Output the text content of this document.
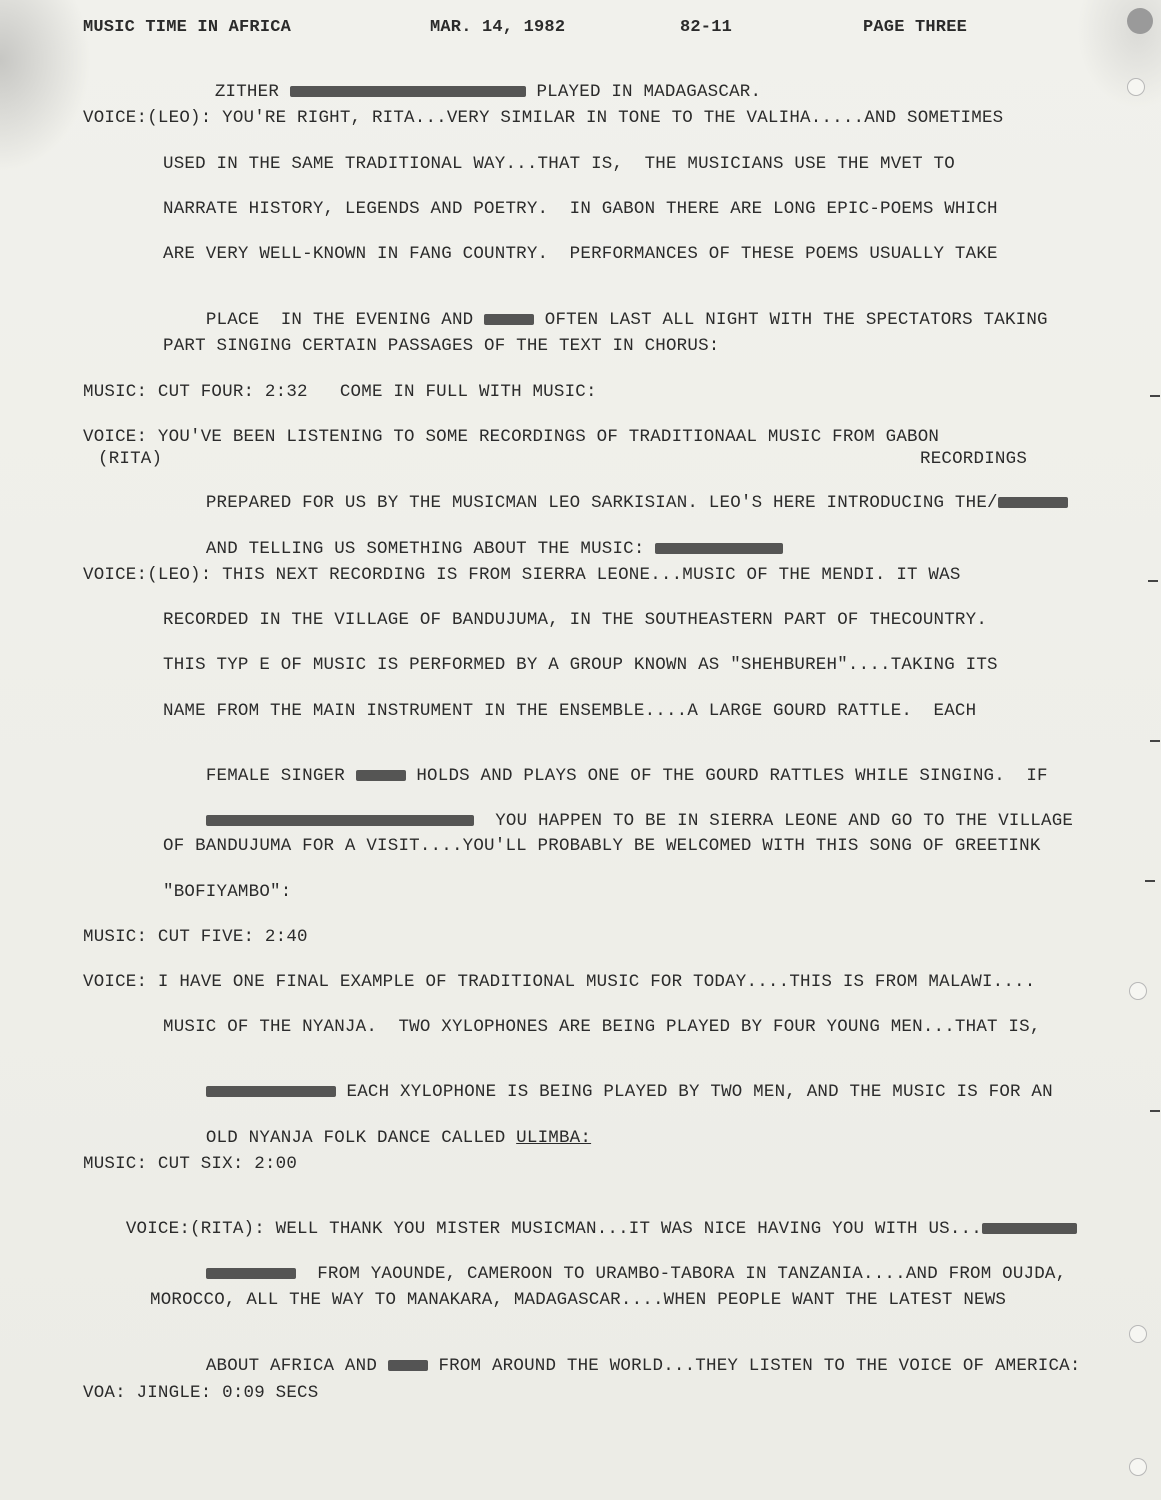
MUSIC TIME IN AFRICA	MAR. 14, 1982	82-11	PAGE THREE

ZITHER	PLAYED IN MADAGASCAR.

VOICE:(LEO): YOU'RE RIGHT, RITA...VERY SIMILAR IN TONE TO THE VALIHA.....AND SOMETIMES
USED IN THE SAME TRADITIONAL WAY...THAT IS,  THE MUSICIANS USE THE MVET TO
NARRATE HISTORY, LEGENDS AND POETRY.  IN GABON THERE ARE LONG EPIC-POEMS WHICH
ARE VERY WELL-KNOWN IN FANG COUNTRY.  PERFORMANCES OF THESE POEMS USUALLY TAKE

PLACE  IN THE EVENING AND	OFTEN LAST ALL NIGHT WITH THE SPECTATORS TAKING

PART SINGING CERTAIN PASSAGES OF THE TEXT IN CHORUS:
MUSIC: CUT FOUR: 2:32   COME IN FULL WITH MUSIC:
VOICE: YOU'VE BEEN LISTENING TO SOME RECORDINGS OF TRADITIONAAL MUSIC FROM GABON
(RITA)	RECORDINGS

PREPARED FOR US BY THE MUSICMAN LEO SARKISIAN. LEO'S HERE INTRODUCING THE/

AND TELLING US SOMETHING ABOUT THE MUSIC:

VOICE:(LEO): THIS NEXT RECORDING IS FROM SIERRA LEONE...MUSIC OF THE MENDI. IT WAS
RECORDED IN THE VILLAGE OF BANDUJUMA, IN THE SOUTHEASTERN PART OF THECOUNTRY.
THIS TYP E OF MUSIC IS PERFORMED BY A GROUP KNOWN AS "SHEHBUREH"....TAKING ITS
NAME FROM THE MAIN INSTRUMENT IN THE ENSEMBLE....A LARGE GOURD RATTLE.  EACH

FEMALE SINGER	HOLDS AND PLAYS ONE OF THE GOURD RATTLES WHILE SINGING.  IF

YOU HAPPEN TO BE IN SIERRA LEONE AND GO TO THE VILLAGE

OF BANDUJUMA FOR A VISIT....YOU'LL PROBABLY BE WELCOMED WITH THIS SONG OF GREETINK
"BOFIYAMBO":
MUSIC: CUT FIVE: 2:40
VOICE: I HAVE ONE FINAL EXAMPLE OF TRADITIONAL MUSIC FOR TODAY....THIS IS FROM MALAWI....
MUSIC OF THE NYANJA.  TWO XYLOPHONES ARE BEING PLAYED BY FOUR YOUNG MEN...THAT IS,

EACH XYLOPHONE IS BEING PLAYED BY TWO MEN, AND THE MUSIC IS FOR AN

OLD NYANJA FOLK DANCE CALLED ULIMBA:

MUSIC: CUT SIX: 2:00

VOICE:(RITA): WELL THANK YOU MISTER MUSICMAN...IT WAS NICE HAVING YOU WITH US...

FROM YAOUNDE, CAMEROON TO URAMBO-TABORA IN TANZANIA....AND FROM OUJDA,

MOROCCO, ALL THE WAY TO MANAKARA, MADAGASCAR....WHEN PEOPLE WANT THE LATEST NEWS

ABOUT AFRICA AND	FROM AROUND THE WORLD...THEY LISTEN TO THE VOICE OF AMERICA:

VOA: JINGLE: 0:09 SECS
